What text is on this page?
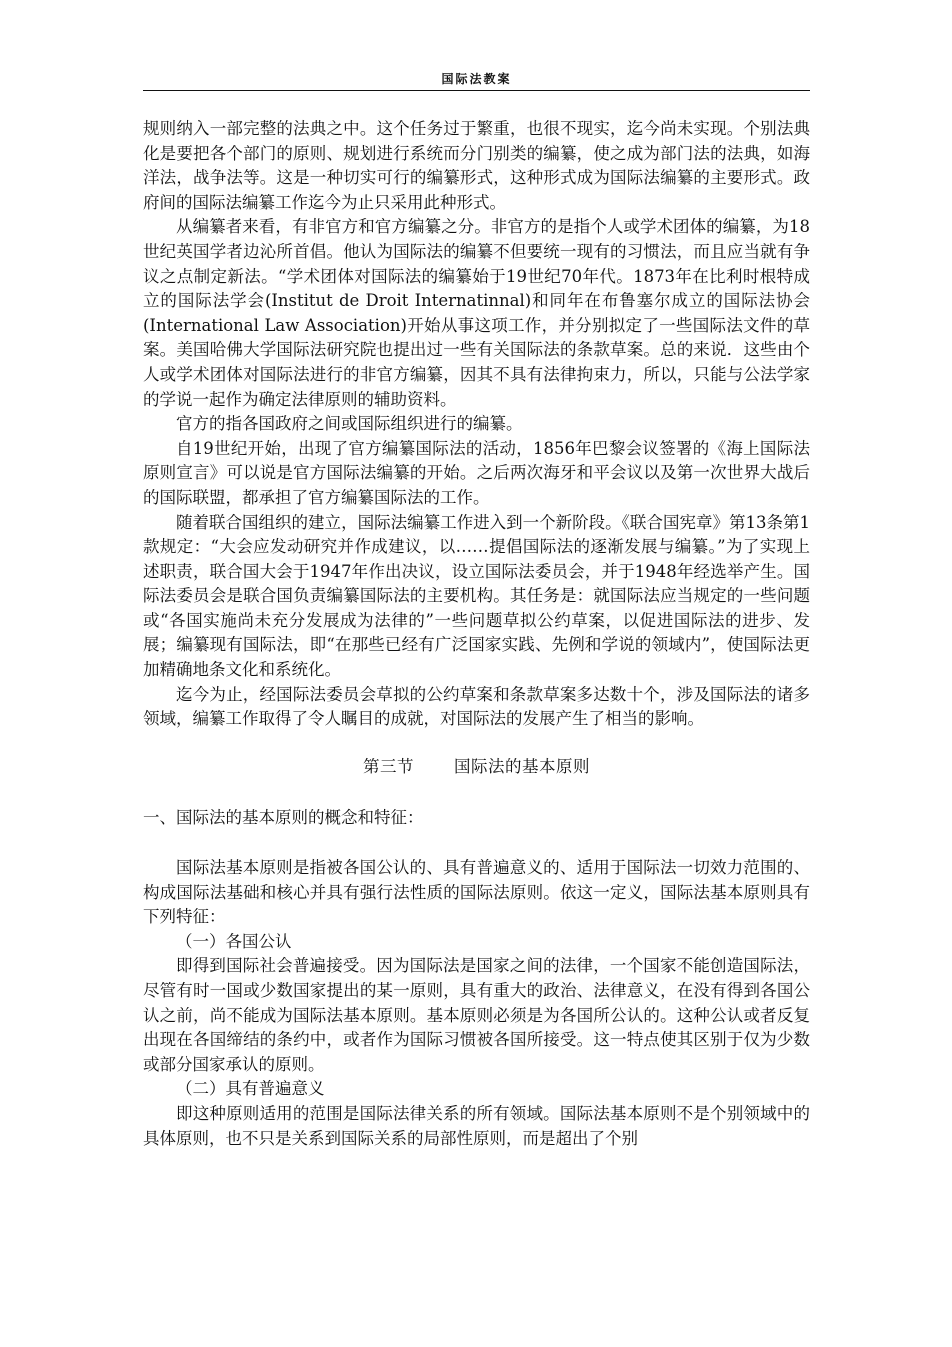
国际法教案

规则纳入一部完整的法典之中。这个任务过于繁重，也很不现实，迄今尚未实现。个别法典化是要把各个部门的原则、规划进行系统而分门别类的编纂，使之成为部门法的法典，如海洋法，战争法等。这是一种切实可行的编纂形式，这种形式成为国际法编纂的主要形式。政府间的国际法编纂工作迄今为止只采用此种形式。

从编纂者来看，有非官方和官方编纂之分。非官方的是指个人或学术团体的编纂，为18世纪英国学者边沁所首倡。他认为国际法的编纂不但要统一现有的习惯法，而且应当就有争议之点制定新法。“学术团体对国际法的编纂始于19世纪70年代。1873年在比利时根特成立的国际法学会(Institut de Droit Internatinnal)和同年在布鲁塞尔成立的国际法协会(International Law Association)开始从事这项工作，并分别拟定了一些国际法文件的草案。美国哈佛大学国际法研究院也提出过一些有关国际法的条款草案。总的来说．这些由个人或学术团体对国际法进行的非官方编纂，因其不具有法律拘束力，所以，只能与公法学家的学说一起作为确定法律原则的辅助资料。

官方的指各国政府之间或国际组织进行的编纂。

自19世纪开始，出现了官方编纂国际法的活动，1856年巴黎会议签署的《海上国际法原则宣言》可以说是官方国际法编纂的开始。之后两次海牙和平会议以及第一次世界大战后的国际联盟，都承担了官方编纂国际法的工作。

随着联合国组织的建立，国际法编纂工作进入到一个新阶段。《联合国宪章》第13条第1款规定：“大会应发动研究并作成建议，以……提倡国际法的逐渐发展与编纂。”为了实现上述职责，联合国大会于1947年作出决议，设立国际法委员会，并于1948年经选举产生。国际法委员会是联合国负责编纂国际法的主要机构。其任务是：就国际法应当规定的一些问题或“各国实施尚未充分发展成为法律的”一些问题草拟公约草案，以促进国际法的进步、发展；编纂现有国际法，即“在那些已经有广泛国家实践、先例和学说的领域内”，使国际法更加精确地条文化和系统化。

迄今为止，经国际法委员会草拟的公约草案和条款草案多达数十个，涉及国际法的诸多领域，编纂工作取得了令人瞩目的成就，对国际法的发展产生了相当的影响。

第三节 国际法的基本原则

一、国际法的基本原则的概念和特征：

国际法基本原则是指被各国公认的、具有普遍意义的、适用于国际法一切效力范围的、构成国际法基础和核心并具有强行法性质的国际法原则。依这一定义，国际法基本原则具有下列特征：

（一）各国公认

即得到国际社会普遍接受。因为国际法是国家之间的法律，一个国家不能创造国际法，尽管有时一国或少数国家提出的某一原则，具有重大的政治、法律意义，在没有得到各国公认之前，尚不能成为国际法基本原则。基本原则必须是为各国所公认的。这种公认或者反复出现在各国缔结的条约中，或者作为国际习惯被各国所接受。这一特点使其区别于仅为少数或部分国家承认的原则。

（二）具有普遍意义

即这种原则适用的范围是国际法律关系的所有领域。国际法基本原则不是个别领域中的具体原则，也不只是关系到国际关系的局部性原则，而是超出了个别
